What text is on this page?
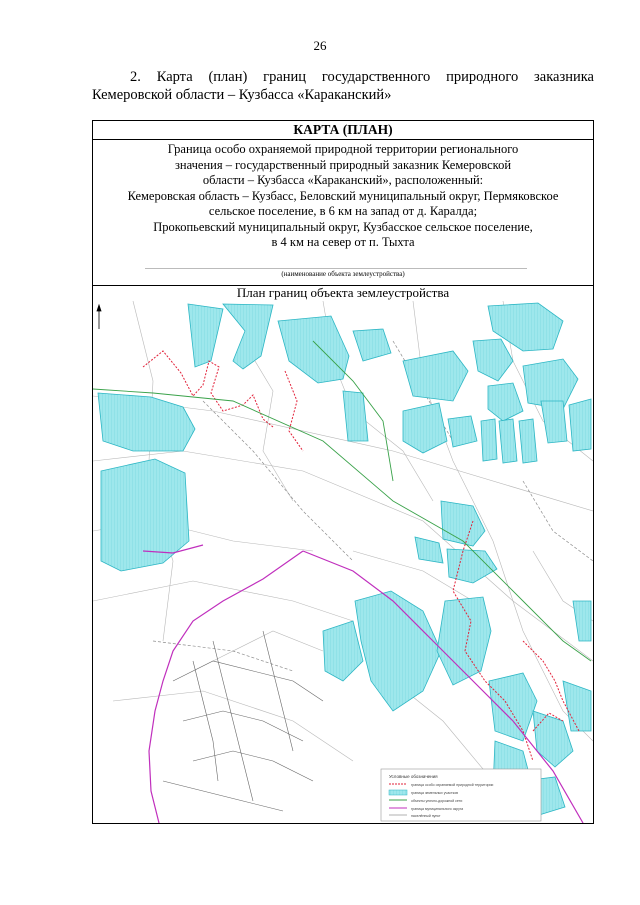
26
2. Карта (план) границ государственного природного заказника Кемеровской области – Кузбасса «Караканский»
КАРТА (ПЛАН)
Граница особо охраняемой природной территории регионального
значения – государственный природный заказник Кемеровской
области – Кузбасса «Караканский», расположенный:
Кемеровская область – Кузбасс, Беловский муниципальный округ, Пермяковское
сельское поселение, в 6 км на запад от д. Каралда;
Прокопьевский муниципальный округ, Кузбасское сельское поселение,
в 4 км на север от п. Тыхта
(наименование объекта землеустройства)
План границ объекта землеустройства
Условные обозначения
граница особо охраняемой природной территории
граница земельных участков
объекты улично-дорожной сети
граница муниципального округа
населённый пункт
